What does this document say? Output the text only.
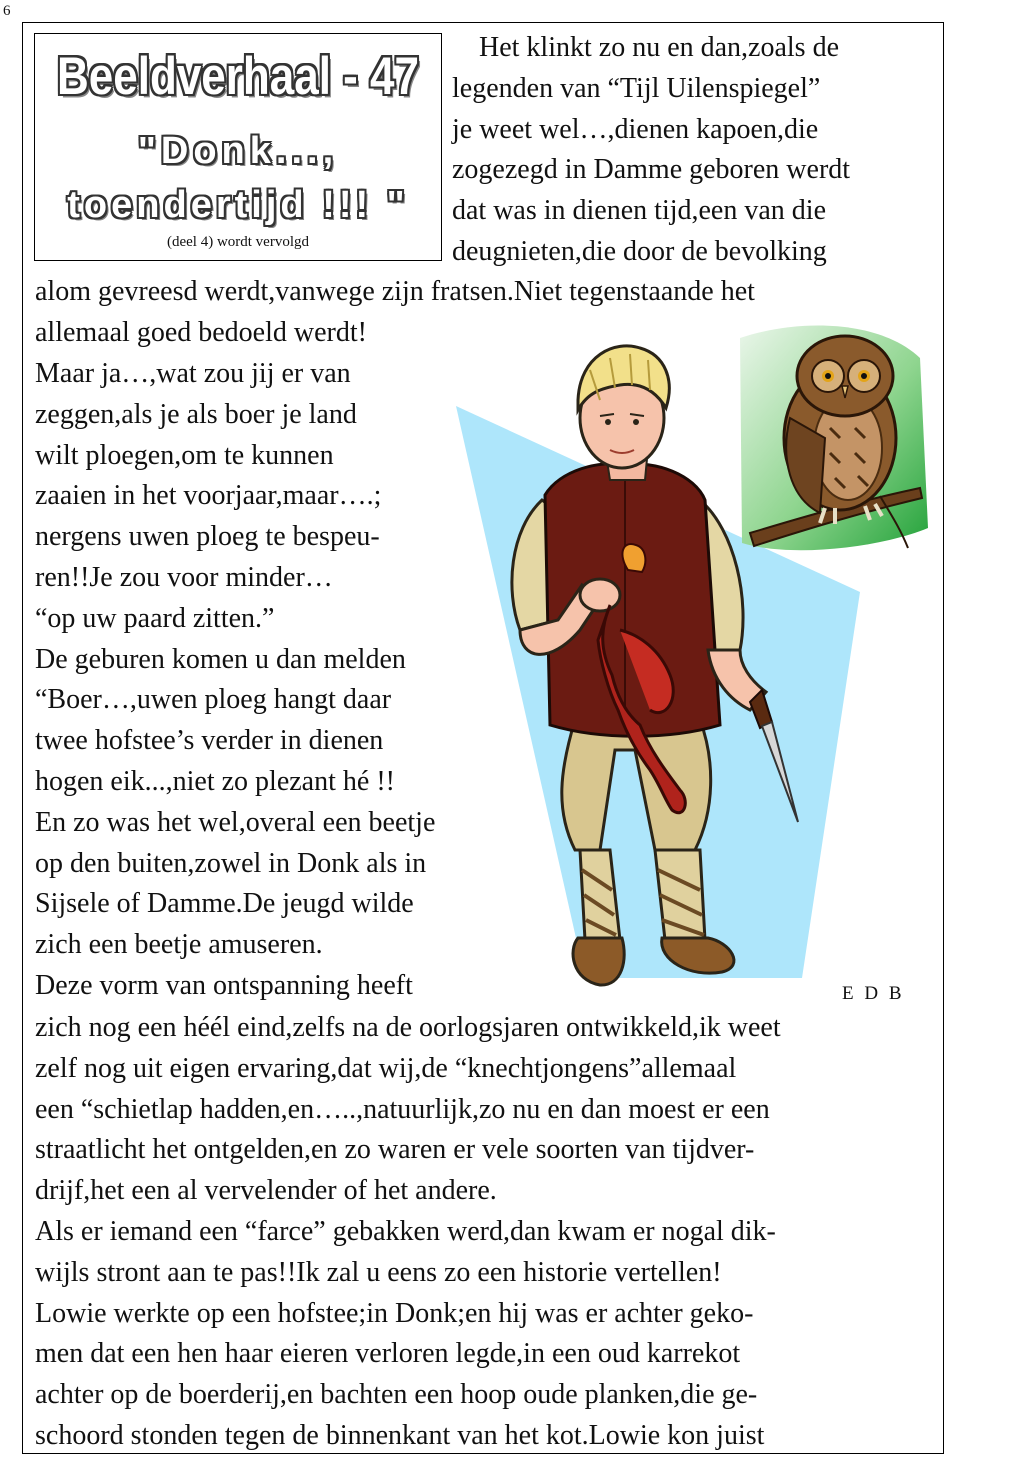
6
Beeldverhaal - 47
"Donk...,
toendertijd !!! "
(deel 4) wordt vervolgd
Het klinkt zo nu en dan,zoals de
legenden van “Tijl Uilenspiegel”
je weet wel…,dienen kapoen,die
zogezegd in Damme geboren werdt
dat was in dienen tijd,een van die
deugnieten,die door de bevolking
alom gevreesd werdt,vanwege zijn fratsen.Niet tegenstaande het
allemaal goed bedoeld werdt!
Maar ja…,wat zou jij er van
zeggen,als je als boer je land
wilt ploegen,om te kunnen
zaaien in het voorjaar,maar….;
nergens uwen ploeg te bespeu-
ren!!Je zou voor minder…
“op uw paard zitten.”
De geburen komen u dan melden
“Boer…,uwen ploeg hangt daar
twee hofstee’s verder in dienen
hogen eik...,niet zo plezant hé !!
En zo was het wel,overal een beetje
op den buiten,zowel in Donk als in
Sijsele of Damme.De jeugd wilde
zich een beetje amuseren.
Deze vorm van ontspanning heeft	E D B
zich nog een héél eind,zelfs na de oorlogsjaren ontwikkeld,ik weet
zelf nog uit eigen ervaring,dat wij,de “knechtjongens”allemaal
een “schietlap hadden,en…..,natuurlijk,zo nu en dan moest er een
straatlicht het ontgelden,en zo waren er vele soorten van tijdver-
drijf,het een al vervelender of het andere.
Als er iemand een “farce” gebakken werd,dan kwam er nogal dik-
wijls stront aan te pas!!Ik zal u eens zo een historie vertellen!
Lowie werkte op een hofstee;in Donk;en hij was er achter geko-
men dat een hen haar eieren verloren legde,in een oud karrekot
achter op de boerderij,en bachten een hoop oude planken,die ge-
schoord stonden tegen de binnenkant van het kot.Lowie kon juist
